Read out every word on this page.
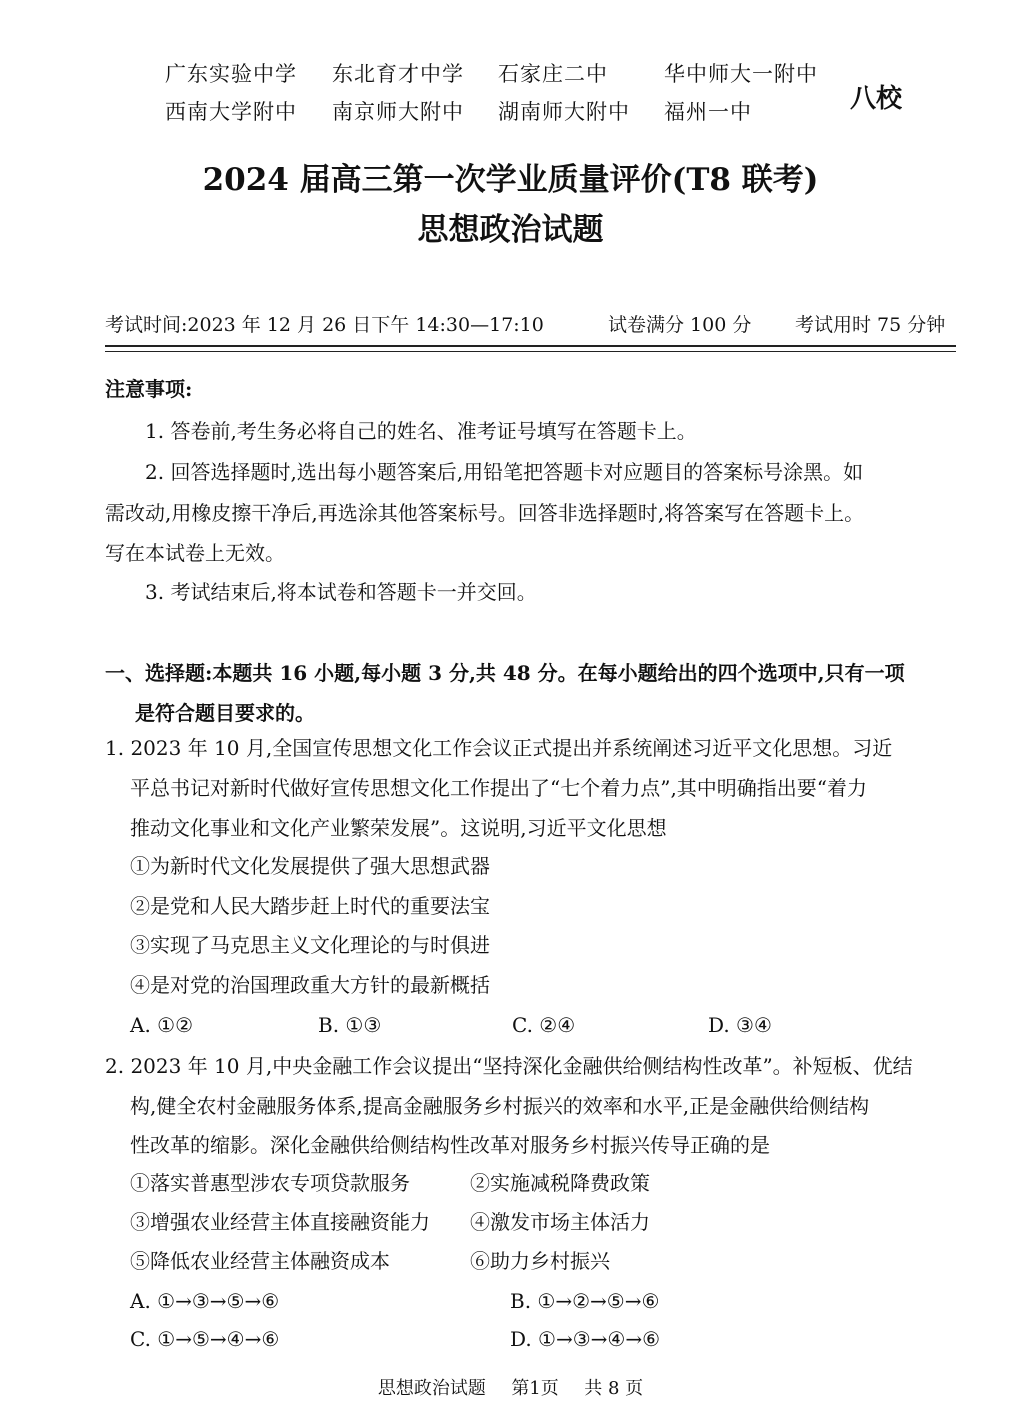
广东实验中学 东北育才中学 石家庄二中	华中师大一附中
西南大学附中 南京师大附中 湖南师大附中 福州一中	八校
2024 届高三第一次学业质量评价(T8 联考)
思想政治试题
考试时间:2023 年 12 月 26 日下午 14:30—17:10	试卷满分 100 分 考试用时 75 分钟
注意事项:
1. 答卷前,考生务必将自己的姓名、准考证号填写在答题卡上。
2. 回答选择题时,选出每小题答案后,用铅笔把答题卡对应题目的答案标号涂黑。如
需改动,用橡皮擦干净后,再选涂其他答案标号。回答非选择题时,将答案写在答题卡上。
写在本试卷上无效。
3. 考试结束后,将本试卷和答题卡一并交回。
一、选择题:本题共 16 小题,每小题 3 分,共 48 分。在每小题给出的四个选项中,只有一项
是符合题目要求的。
1. 2023 年 10 月,全国宣传思想文化工作会议正式提出并系统阐述习近平文化思想。习近
平总书记对新时代做好宣传思想文化工作提出了“七个着力点”,其中明确指出要“着力
推动文化事业和文化产业繁荣发展”。这说明,习近平文化思想
①为新时代文化发展提供了强大思想武器
②是党和人民大踏步赶上时代的重要法宝
③实现了马克思主义文化理论的与时俱进
④是对党的治国理政重大方针的最新概括
A. ①②	B. ①③	C. ②④	D. ③④
2. 2023 年 10 月,中央金融工作会议提出“坚持深化金融供给侧结构性改革”。补短板、优结
构,健全农村金融服务体系,提高金融服务乡村振兴的效率和水平,正是金融供给侧结构
性改革的缩影。深化金融供给侧结构性改革对服务乡村振兴传导正确的是
①落实普惠型涉农专项贷款服务	②实施减税降费政策
③增强农业经营主体直接融资能力 ④激发市场主体活力
⑤降低农业经营主体融资成本	⑥助力乡村振兴
A. ①→③→⑤→⑥	B. ①→②→⑤→⑥
C. ①→⑤→④→⑥	D. ①→③→④→⑥
思想政治试题 第1页 共 8 页
